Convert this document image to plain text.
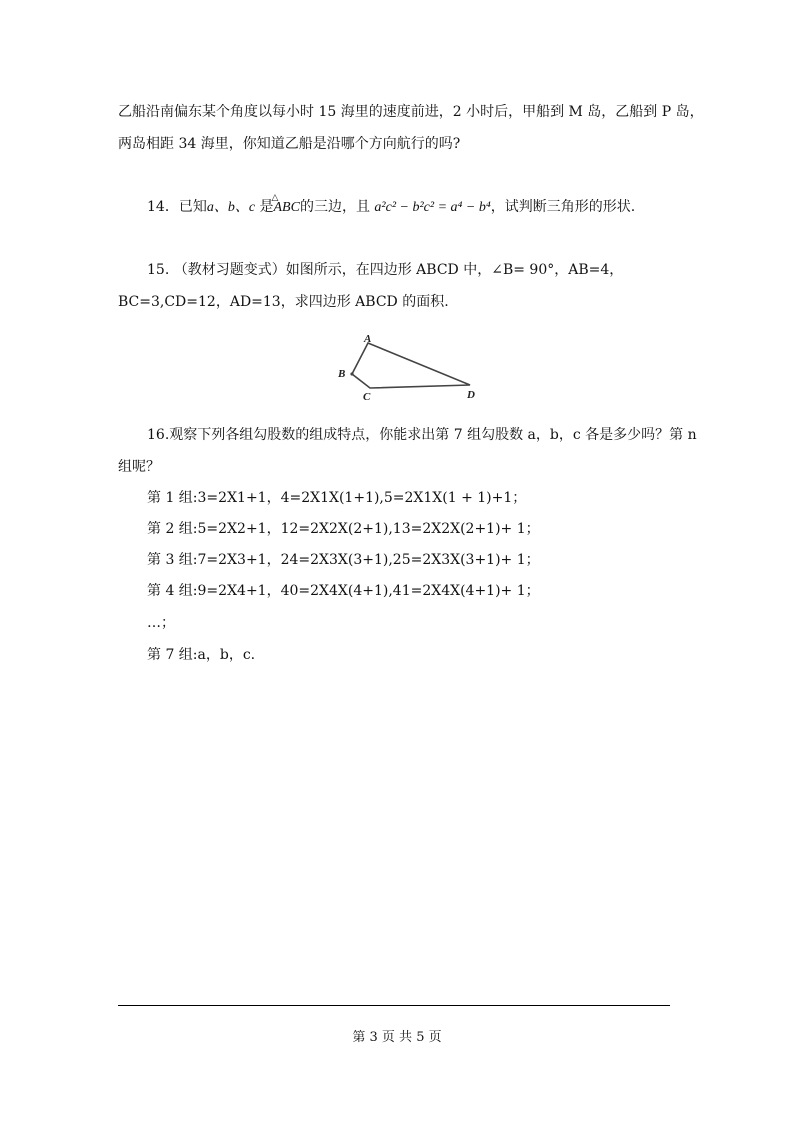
乙船沿南偏东某个角度以每小时 15 海里的速度前进，2 小时后，甲船到 M 岛，乙船到 P 岛，
两岛相距 34 海里，你知道乙船是沿哪个方向航行的吗?
14．已知a、b、c 是
△
ABC的三边，且 a²c² − b²c² = a⁴ − b⁴，试判断三角形的形状.
15. （教材习题变式）如图所示，在四边形 ABCD 中，∠B= 90°，AB=4，
BC=3,CD=12，AD=13，求四边形 ABCD 的面积.
A
B
C	D
16.观察下列各组勾股数的组成特点，你能求出第 7 组勾股数 a，b，c 各是多少吗？第 n
组呢？
第 1 组:3=2X1+1，4=2X1X(1+1),5=2X1X(1 + 1)+1；
第 2 组:5=2X2+1，12=2X2X(2+1),13=2X2X(2+1)+ 1；
第 3 组:7=2X3+1，24=2X3X(3+1),25=2X3X(3+1)+ 1；
第 4 组:9=2X4+1，40=2X4X(4+1),41=2X4X(4+1)+ 1；
…；
第 7 组:a，b，c.
第 3 页 共 5 页
